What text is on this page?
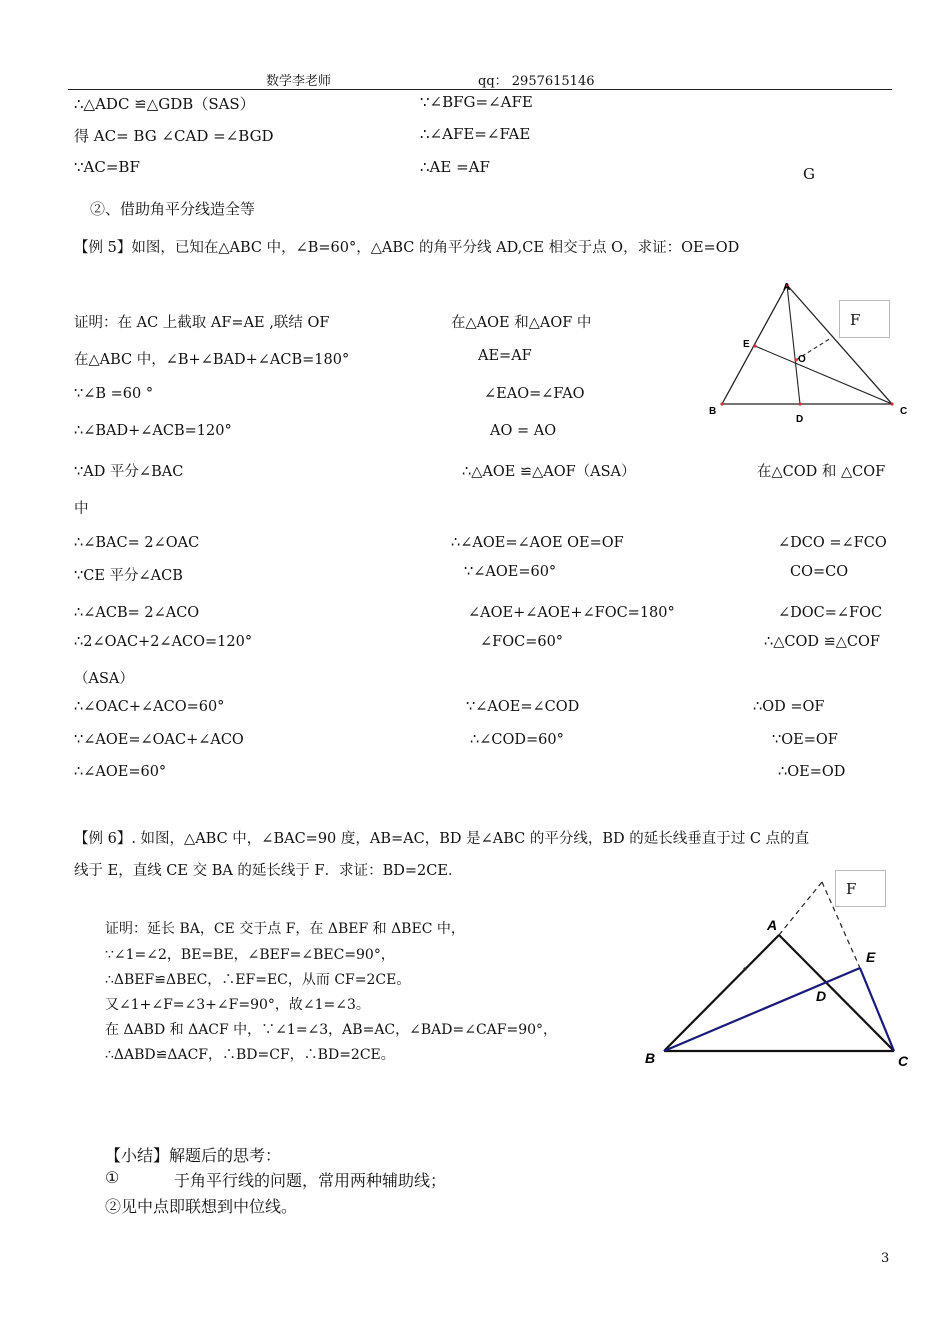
数学李老师	qq： 2957615146
∴△ADC ≌△GDB（SAS）
得 AC= BG ∠CAD =∠BGD
∵AC=BF
∵∠BFG=∠AFE
∴∠AFE=∠FAE
∴AE =AF	G
②、借助角平分线造全等
【例 5】如图，已知在△ABC 中，∠B=60°，△ABC 的角平分线 AD,CE 相交于点 O，求证：OE=OD
证明：在 AC 上截取 AF=AE ,联结 OF
在△ABC 中，∠B+∠BAD+∠ACB=180°
∵∠B =60 °
∴∠BAD+∠ACB=120°
∵AD 平分∠BAC
中
∴∠BAC= 2∠OAC
∵CE 平分∠ACB
∴∠ACB= 2∠ACO
∴2∠OAC+2∠ACO=120°
（ASA）
∴∠OAC+∠ACO=60°
∵∠AOE=∠OAC+∠ACO
∴∠AOE=60°
在△AOE 和△AOF 中
AE=AF
∠EAO=∠FAO
AO = AO
∴△AOE ≌△AOF（ASA）
∴∠AOE=∠AOE OE=OF
∵∠AOE=60°
∠AOE+∠AOE+∠FOC=180°
∠FOC=60°
∵∠AOE=∠COD
∴∠COD=60°
在△COD 和 △COF
∠DCO =∠FCO
CO=CO
∠DOC=∠FOC
∴△COD ≌△COF
∴OD =OF
∵OE=OF
∴OE=OD
A
B	C
D
E
O
F
【例 6】. 如图，△ABC 中，∠BAC=90 度，AB=AC，BD 是∠ABC 的平分线，BD 的延长线垂直于过 C 点的直
线于 E，直线 CE 交 BA 的延长线于 F．求证：BD=2CE．
证明：延长 BA，CE 交于点 F，在 ΔBEF 和 ΔBEC 中，
∵∠1=∠2，BE=BE，∠BEF=∠BEC=90°，
∴ΔBEF≌ΔBEC，∴EF=EC，从而 CF=2CE。
又∠1+∠F=∠3+∠F=90°，故∠1=∠3。
在 ΔABD 和 ΔACF 中，∵∠1=∠3，AB=AC，∠BAD=∠CAF=90°，
∴ΔABD≌ΔACF，∴BD=CF，∴BD=2CE。
A
B	C
D
E
F
【小结】解题后的思考：
①	于角平行线的问题，常用两种辅助线；
②见中点即联想到中位线。
3
